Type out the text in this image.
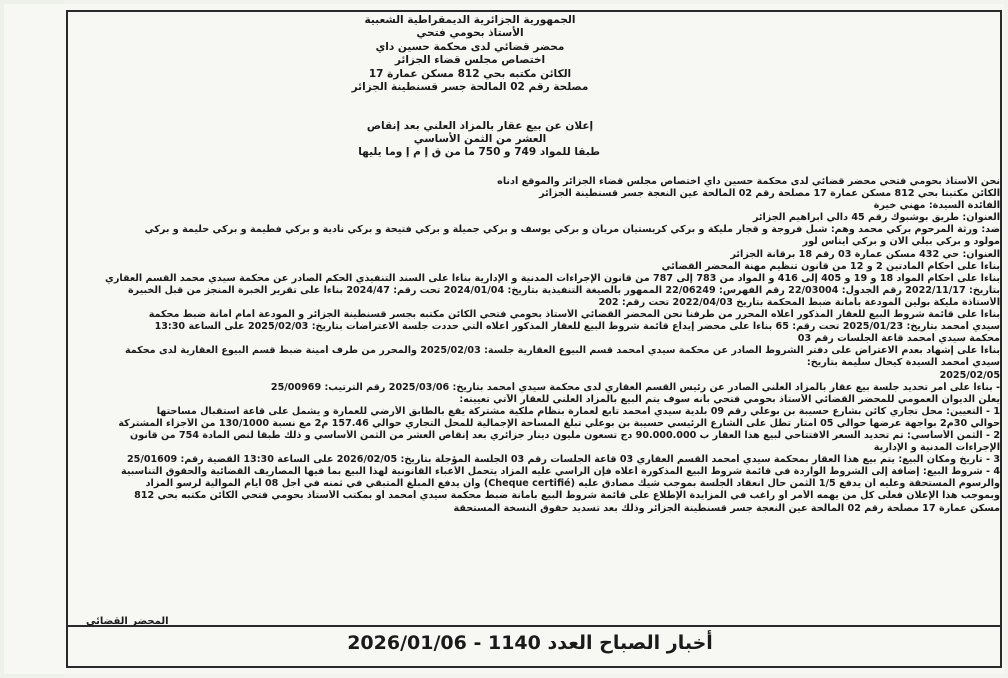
الجمهورية الجزائرية الديمقراطية الشعبية
الأستاذ بحومي فتحي
محضر قضائي لدى محكمة حسين داي
اختصاص مجلس قضاء الجزائر
الكائن مكتبه بحي 812 مسكن عمارة 17
مصلحة رقم 02 المالحة جسر قسنطينة الجزائر
إعلان عن بيع عقار بالمزاد العلني بعد إنقاص
العشر من الثمن الأساسي
طبقا للمواد 749 و 750 ما من ق إ م إ وما يليها
نحن الأستاذ بحومي فتحي محضر قضائي لدى محكمة حسين داي اختصاص مجلس قضاء الجزائر والموقع أدناه
الكائن مكتبنا بحي 812 مسكن عمارة 17 مصلحة رقم 02 المالحة عين النعجة جسر قسنطينة الجزائر
الفائدة السيدة: مهني خيرة
العنوان: طريق بوشبوك رقم 45 دالي ابراهيم الجزائر
ضد: ورثة المرحوم بركي محمد وهم: شبل فروجة و قجار مليكة و بركي كريستيان مريان و بركي يوسف و بركي جميلة و بركي فتيحة و بركي نادية و بركي فطيمة و بركي حليمة و بركي
مولود و بركي بيلي آلان و بركي ايناس لور
العنوان: حي 432 مسكن عمارة 03 رقم 18 برقانة الجزائر
بناءا على أحكام المادتين 2 و 12 من قانون تنظيم مهنة المحضر القضائي
بناءا على أحكام المواد 18 و 19 و 405 إلى 416 و المواد من 783 إلى 787 من قانون الإجراءات المدنية و الإدارية بناءا على السند التنفيذي الحكم الصادر عن محكمة سيدي محمد القسم العقاري
بتاريخ: 2022/11/17 رقم الجدول: 22/03004 رقم الفهرس: 22/06249 الممهور بالصيغة التنفيذية بتاريخ: 2024/01/04 تحت رقم: 2024/47 بناءا على تقرير الخبرة المنجز من قبل الخبيرة
الأستاذة مليكة بولين المودعة بأمانة ضبط المحكمة بتاريخ 2022/04/03 تحت رقم: 202
بناءا على قائمة شروط البيع للعقار المذكور أعلاه المحرر من طرفنا نحن المحضر القضائي الأستاذ بحومي فتحي الكائن مكتبه بجسر قسنطينة الجزائر و المودعة أمام أمانة ضبط محكمة
سيدي أمحمد بتاريخ: 2025/01/23 تحت رقم: 65 بناءا على محضر إيداع قائمة شروط البيع للعقار المذكور أعلاه التي حددت جلسة الاعتراضات بتاريخ: 2025/02/03 على الساعة 13:30
محكمة سيدي أمحمد قاعة الجلسات رقم 03
بناءا على إشهاد بعدم الاعتراض على دفتر الشروط الصادر عن محكمة سيدي أمحمد قسم البيوع العقارية جلسة: 2025/02/03 والمحرر من طرف أمينة ضبط قسم البيوع العقارية لدى محكمة
سيدي أمحمد السيدة كيحال سليمة بتاريخ:
2025/02/05
- بناءا على أمر تحديد جلسة بيع عقار بالمزاد العلني الصادر عن رئيس القسم العقاري لدى محكمة سيدي أمحمد بتاريخ: 2025/03/06 رقم الترتيب: 25/00969
يعلن الديوان العمومي للمحضر القضائي الأستاذ بحومي فتحي بأنه سوف يتم البيع بالمزاد العلني للعقار الآتي تعيينه:
1 - التعيين: محل تجاري كائن بشارع حسيبة بن بوعلي رقم 09 بلدية سيدي أمحمد تابع لعمارة بنظام ملكية مشتركة يقع بالطابق الأرضي للعمارة و يشمل على قاعة استقبال مساحتها
حوالي 30م2 بواجهة عرضها حوالي 05 أمتار تطل على الشارع الرئيسي حسيبة بن بوعلي تبلغ المساحة الإجمالية للمحل التجاري حوالي 157.46 م2 مع نسبة 130/1000 من الأجزاء المشتركة
2 - الثمن الأساسي: تم تحديد السعر الافتتاحي لبيع هذا العقار ب 90.000.000 دج تسعون مليون دينار جزائري بعد إنقاص العشر من الثمن الأساسي و ذلك طبقا لنص المادة 754 من قانون
الإجراءات المدنية و الإدارية
3 - تاريخ ومكان البيع: يتم بيع هذا العقار بمحكمة سيدي أمحمد القسم العقاري 03 قاعة الجلسات رقم 03 الجلسة المؤجلة بتاريخ: 2026/02/05 على الساعة 13:30 القضية رقم: 25/01609
4 - شروط البيع: إضافة إلى الشروط الواردة في قائمة شروط البيع المذكورة أعلاه فإن الراسي عليه المزاد يتحمل الأعباء القانونية لهذا البيع بما فيها المصاريف القضائية والحقوق التناسبية
والرسوم المستحقة وعليه أن يدفع 1/5 الثمن حال انعقاد الجلسة بموجب شيك مصادق عليه (Cheque certifié) وأن يدفع المبلغ المتبقي في ثمنه في أجل 08 أيام الموالية لرسو المزاد
وبموجب هذا الإعلان فعلى كل من يهمه الأمر أو راغب في المزايدة الإطلاع على قائمة شروط البيع بأمانة ضبط محكمة سيدي أمحمد أو بمكتب الأستاذ بحومي فتحي الكائن مكتبه بحي 812
مسكن عمارة 17 مصلحة رقم 02 المالحة عين النعجة جسر قسنطينة الجزائر وذلك بعد تسديد حقوق النسخة المستحقة
المحضر القضائي
أخبار الصباح العدد 1140 - 2026/01/06
